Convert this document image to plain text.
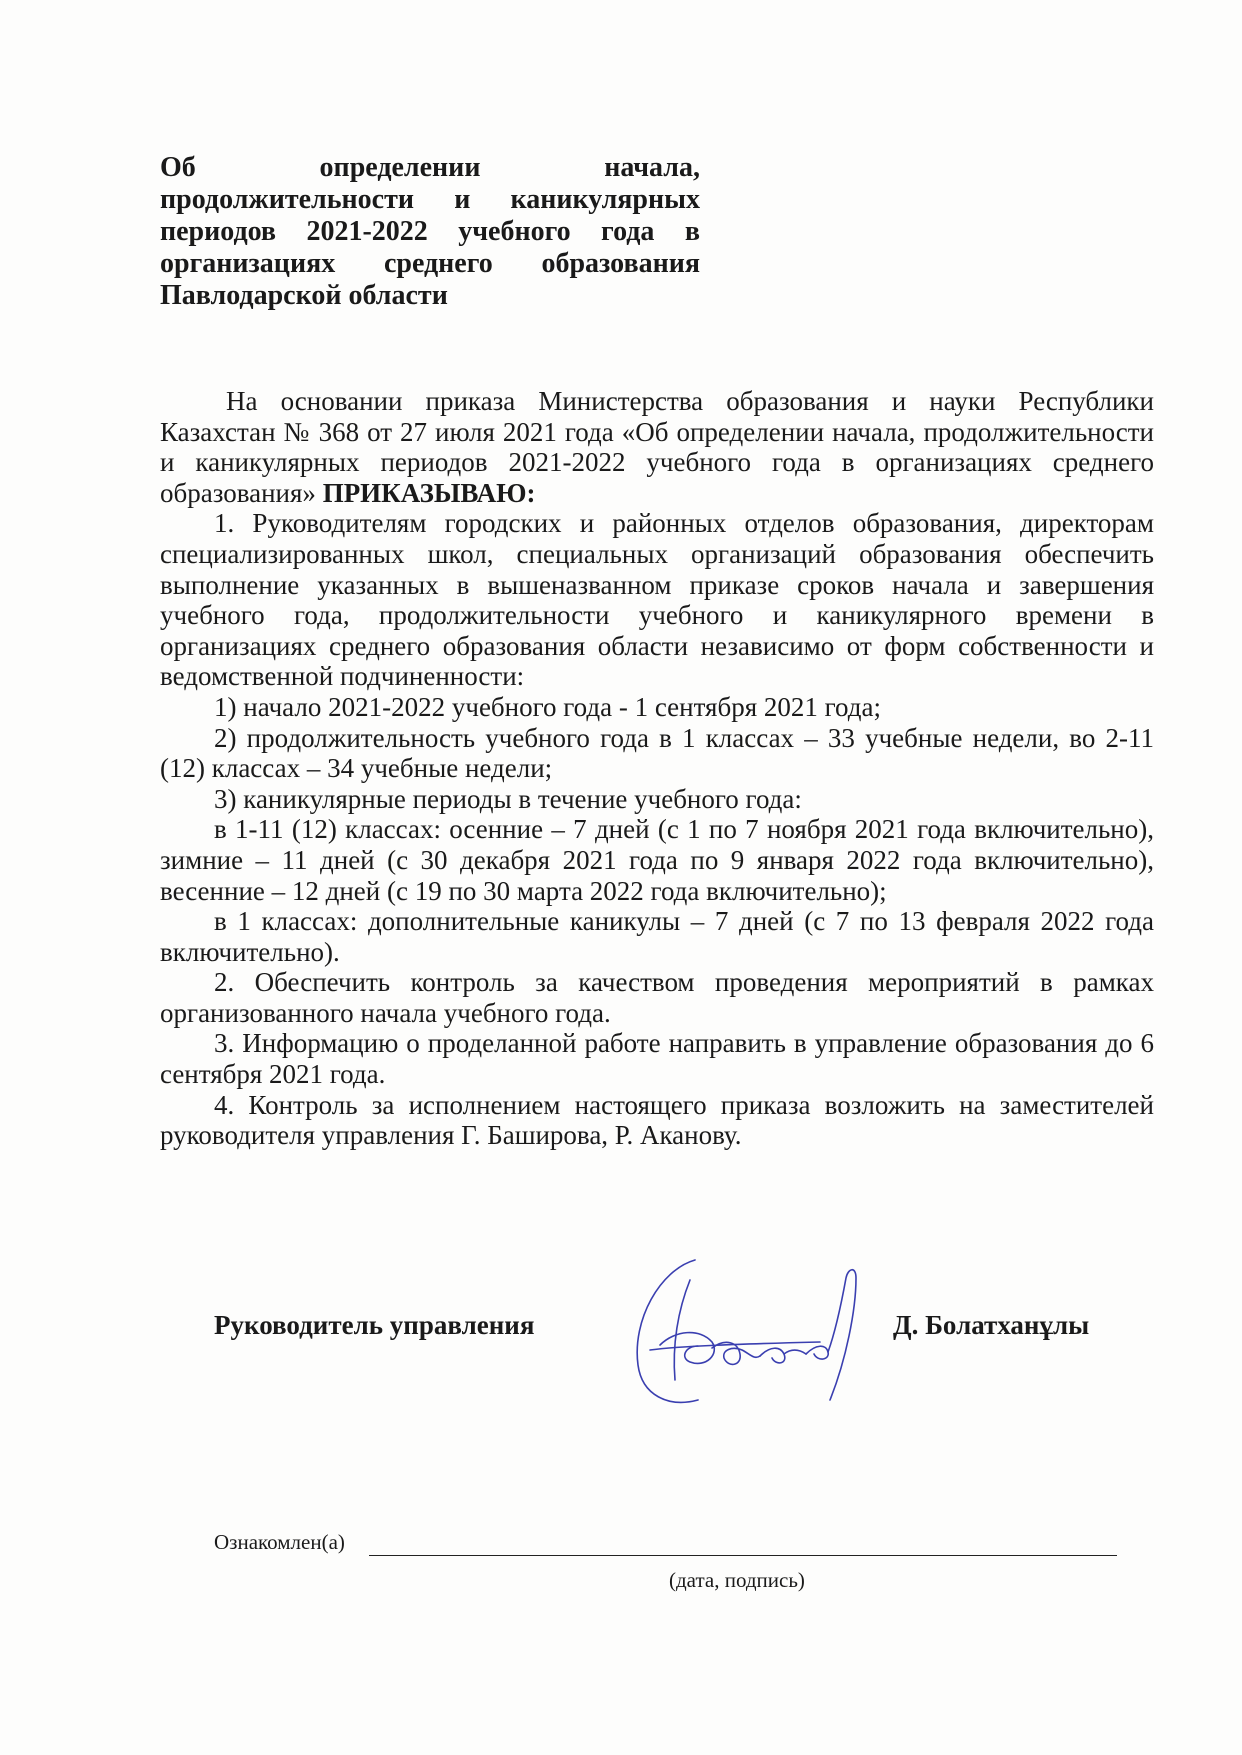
Об определении начала,
продолжительности и каникулярных
периодов 2021-2022 учебного года в
организациях среднего образования
Павлодарской области

На основании приказа Министерства образования и науки Республики Казахстан № 368 от 27 июля 2021 года «Об определении начала, продолжительности и каникулярных периодов 2021-2022 учебного года в организациях среднего образования» ПРИКАЗЫВАЮ:

1. Руководителям городских и районных отделов образования, директорам специализированных школ, специальных организаций образования обеспечить выполнение указанных в вышеназванном приказе сроков начала и завершения учебного года, продолжительности учебного и каникулярного времени в организациях среднего образования области независимо от форм собственности и ведомственной подчиненности:

1) начало 2021-2022 учебного года - 1 сентября 2021 года;

2) продолжительность учебного года в 1 классах – 33 учебные недели, во 2-11 (12) классах – 34 учебные недели;

3) каникулярные периоды в течение учебного года:

в 1-11 (12) классах: осенние – 7 дней (с 1 по 7 ноября 2021 года включительно), зимние – 11 дней (с 30 декабря 2021 года по 9 января 2022 года включительно), весенние – 12 дней (с 19 по 30 марта 2022 года включительно);

в 1 классах: дополнительные каникулы – 7 дней (с 7 по 13 февраля 2022 года включительно).

2. Обеспечить контроль за качеством проведения мероприятий в рамках организованного начала учебного года.

3. Информацию о проделанной работе направить в управление образования до 6 сентября 2021 года.

4. Контроль за исполнением настоящего приказа возложить на заместителей руководителя управления Г. Баширова, Р. Аканову.

Руководитель управления	Д. Болатханұлы
Ознакомлен(а)
(дата, подпись)
